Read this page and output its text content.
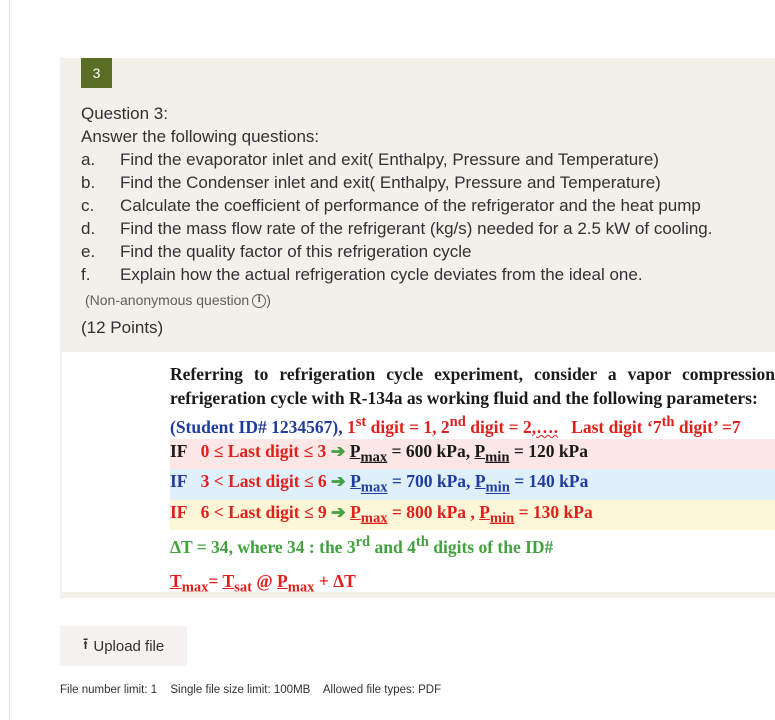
3
Question 3:
Answer the following questions:
a.	Find the evaporator inlet and exit( Enthalpy, Pressure and Temperature)
b.	Find the Condenser inlet and exit( Enthalpy, Pressure and Temperature)
c.	Calculate the coefficient of performance of the refrigerator and the heat pump
d.	Find the mass flow rate of the refrigerant (kg/s) needed for a 2.5 kW of cooling.
e.	Find the quality factor of this refrigeration cycle
f.	Explain how the actual refrigeration cycle deviates from the ideal one.
(Non-anonymous question i )
(12 Points)
Referring to refrigeration cycle experiment, consider a vapor compression refrigeration cycle with R-134a as working fluid and the following parameters:
(Student ID# 1234567), 1st digit = 1, 2nd digit = 2,…. Last digit ‘7th digit’ =7
IF 0 ≤ Last digit ≤ 3 ➔ $P_{max} = 600$ kPa, $P_{min} = 120$ kPa
IF 3 < Last digit ≤ 6 ➔ $P_{max} = 700$ kPa, $P_{min} = 140$ kPa
IF 6 < Last digit ≤ 9 ➔ $P_{max} = 800$ kPa , $P_{min} = 130$ kPa
ΔT = 34, where 34 : the 3rd and 4th digits of the ID#
$T_{max}= T_{sat}$ @ $P_{max} + \Delta T$
⭱ Upload file
File number limit: 1 Single file size limit: 100MB Allowed file types: PDF
